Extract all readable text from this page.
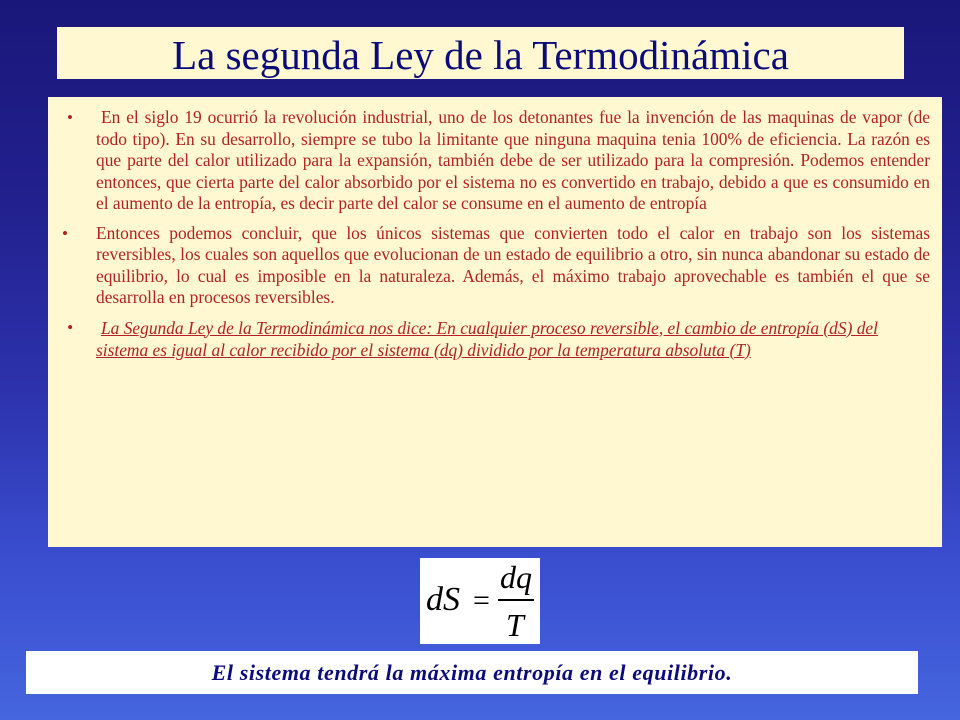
La segunda Ley de la Termodinámica
• En el siglo 19 ocurrió la revolución industrial, uno de los detonantes fue la invención de las maquinas de vapor (de todo tipo). En su desarrollo, siempre se tubo la limitante que ninguna maquina tenia 100% de eficiencia. La razón es que parte del calor utilizado para la expansión, también debe de ser utilizado para la compresión. Podemos entender entonces, que cierta parte del calor absorbido por el sistema no es convertido en trabajo, debido a que es consumido en el aumento de la entropía, es decir parte del calor se consume en el aumento de entropía
• Entonces podemos concluir, que los únicos sistemas que convierten todo el calor en trabajo son los sistemas reversibles, los cuales son aquellos que evolucionan de un estado de equilibrio a otro, sin nunca abandonar su estado de equilibrio, lo cual es imposible en la naturaleza. Además, el máximo trabajo aprovechable es también el que se desarrolla en procesos reversibles.
• La Segunda Ley de la Termodinámica nos dice: En cualquier proceso reversible, el cambio de entropía (dS) del sistema es igual al calor recibido por el sistema (dq) dividido por la temperatura absoluta (T)
dS =
dq
T
El sistema tendrá la máxima entropía en el equilibrio.
